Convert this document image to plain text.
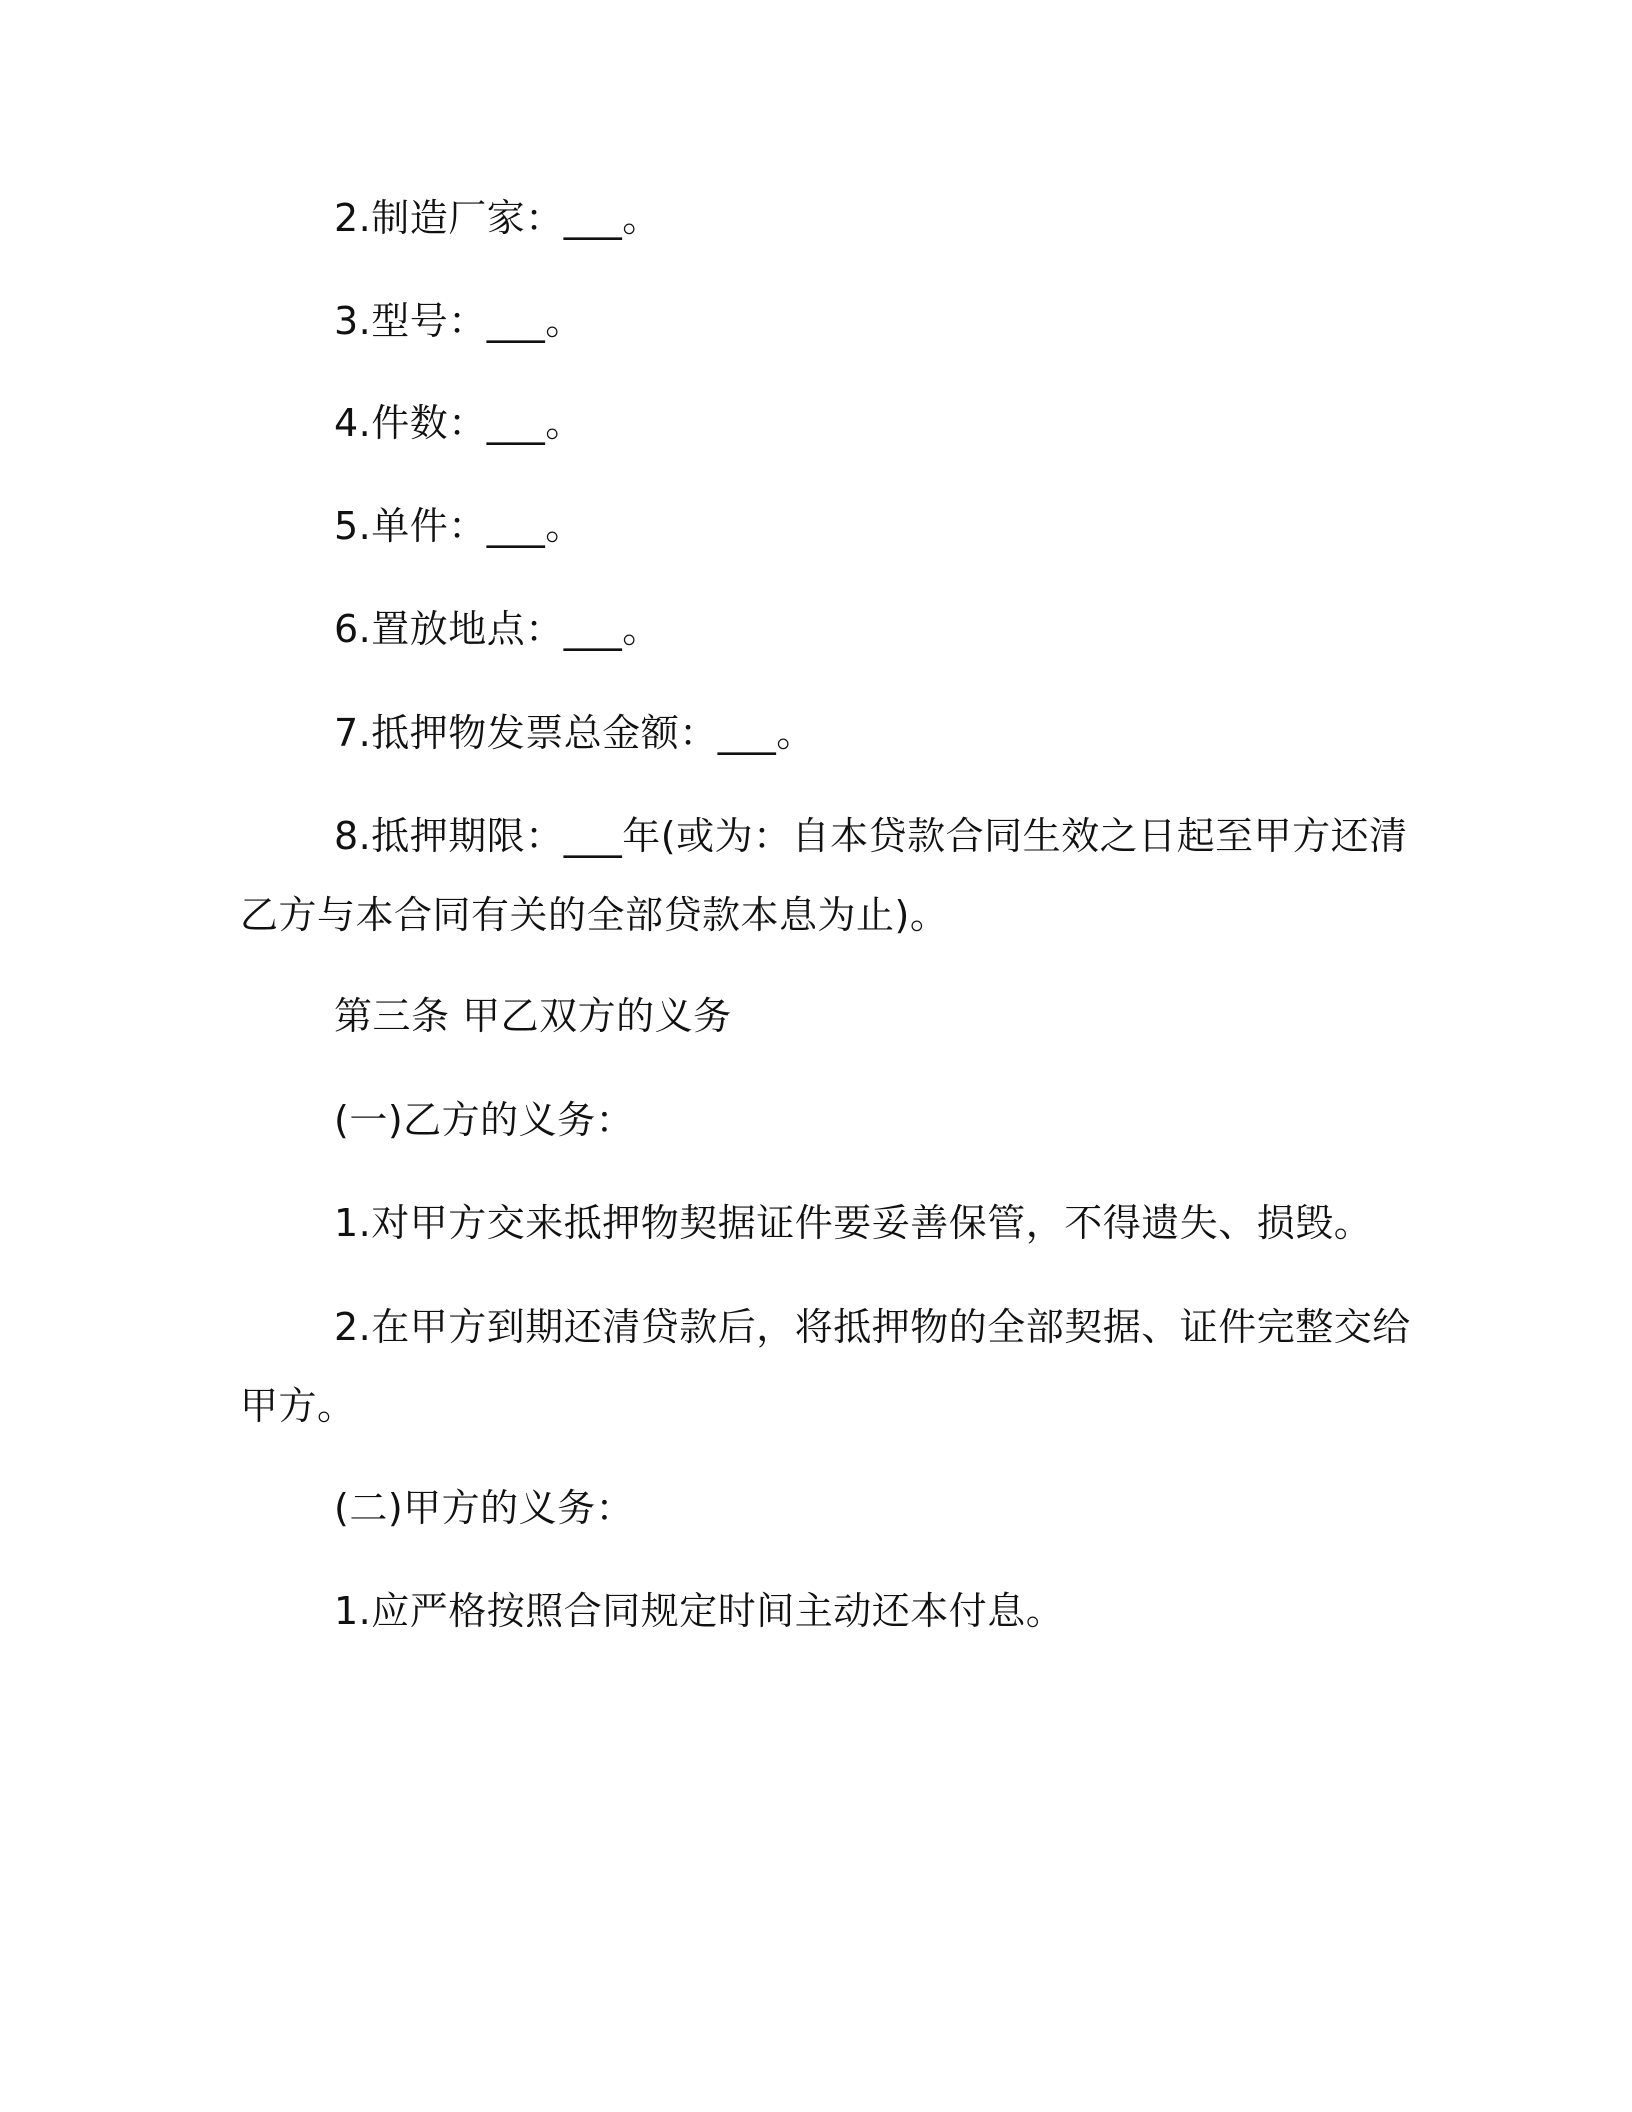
2.制造厂家：___。
3.型号：___。
4.件数：___。
5.单件：___。
6.置放地点：___。
7.抵押物发票总金额：___。
8.抵押期限：___年(或为：自本贷款合同生效之日起至甲方还清
乙方与本合同有关的全部贷款本息为止)。
第三条 甲乙双方的义务
(一)乙方的义务：
1.对甲方交来抵押物契据证件要妥善保管，不得遗失、损毁。
2.在甲方到期还清贷款后，将抵押物的全部契据、证件完整交给
甲方。
(二)甲方的义务：
1.应严格按照合同规定时间主动还本付息。
